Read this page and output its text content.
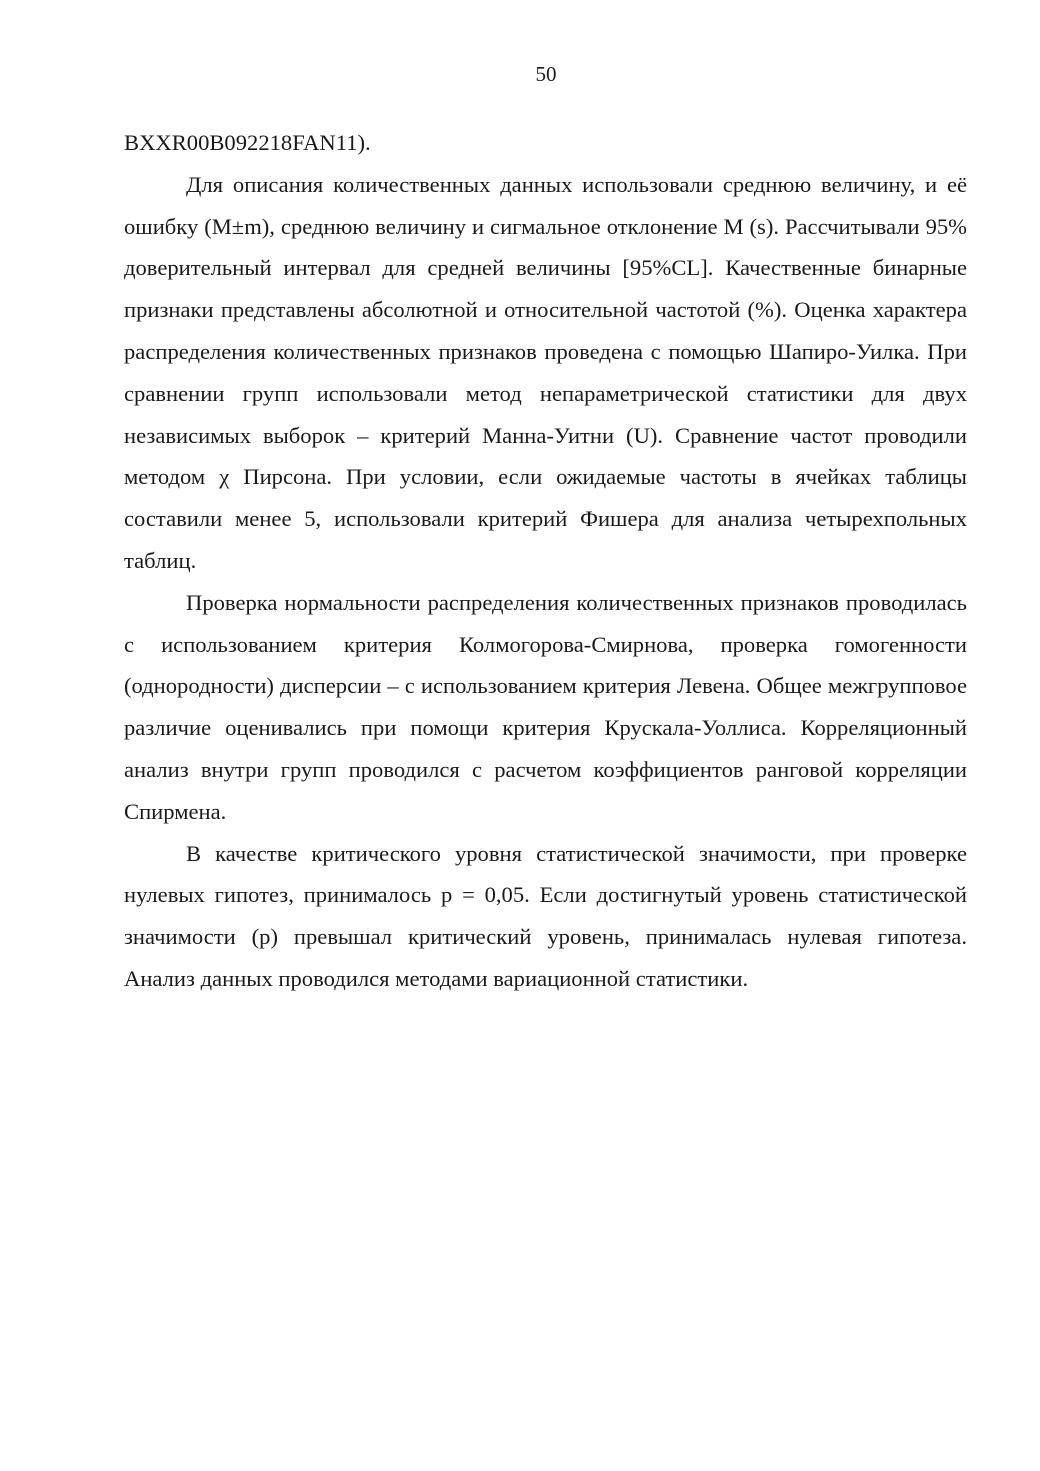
50

BXXR00B092218FAN11).

Для описания количественных данных использовали среднюю величину, и её ошибку (M±m), среднюю величину и сигмальное отклонение M (s). Рассчитывали 95% доверительный интервал для средней величины [95%CL]. Качественные бинарные признаки представлены абсолютной и относительной частотой (%). Оценка характера распределения количественных признаков проведена с помощью Шапиро-Уилка. При сравнении групп использовали метод непараметрической статистики для двух независимых выборок – критерий Манна-Уитни (U). Сравнение частот проводили методом χ Пирсона. При условии, если ожидаемые частоты в ячейках таблицы составили менее 5, использовали критерий Фишера для анализа четырехпольных таблиц.

Проверка нормальности распределения количественных признаков проводилась с использованием критерия Колмогорова-Смирнова, проверка гомогенности (однородности) дисперсии – с использованием критерия Левена. Общее межгрупповое различие оценивались при помощи критерия Крускала-Уоллиса. Корреляционный анализ внутри групп проводился с расчетом коэффициентов ранговой корреляции Спирмена.

В качестве критического уровня статистической значимости, при проверке нулевых гипотез, принималось p = 0,05. Если достигнутый уровень статистической значимости (p) превышал критический уровень, принималась нулевая гипотеза. Анализ данных проводился методами вариационной статистики.
